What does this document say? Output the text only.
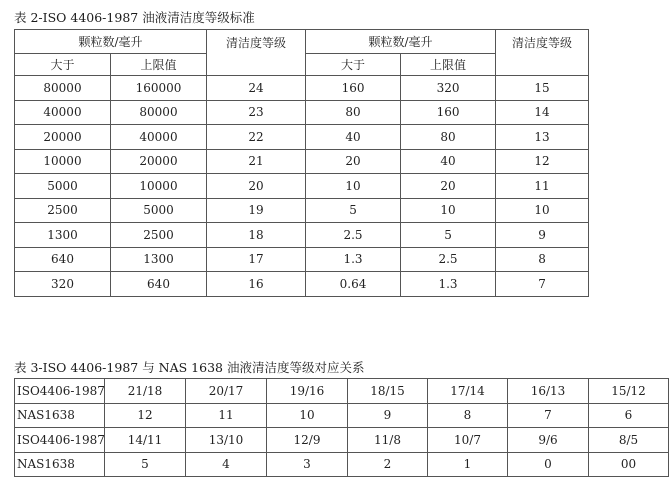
表 2-ISO 4406-1987 油液清洁度等级标准
颗粒数/毫升		清洁度等级	颗粒数/毫升		清洁度等级
大于	上限值		大于	上限值	
80000	160000	24	160	320	15
40000	80000	23	80	160	14
20000	40000	22	40	80	13
10000	20000	21	20	40	12
5000	10000	20	10	20	11
2500	5000	19	5	10	10
1300	2500	18	2.5	5	9
640	1300	17	1.3	2.5	8
320	640	16	0.64	1.3	7
表 3-ISO 4406-1987 与 NAS 1638 油液清洁度等级对应关系
ISO4406-1987	21/18	20/17	19/16	18/15	17/14	16/13	15/12
NAS1638	12	11	10	9	8	7	6
ISO4406-1987	14/11	13/10	12/9	11/8	10/7	9/6	8/5
NAS1638	5	4	3	2	1	0	00
